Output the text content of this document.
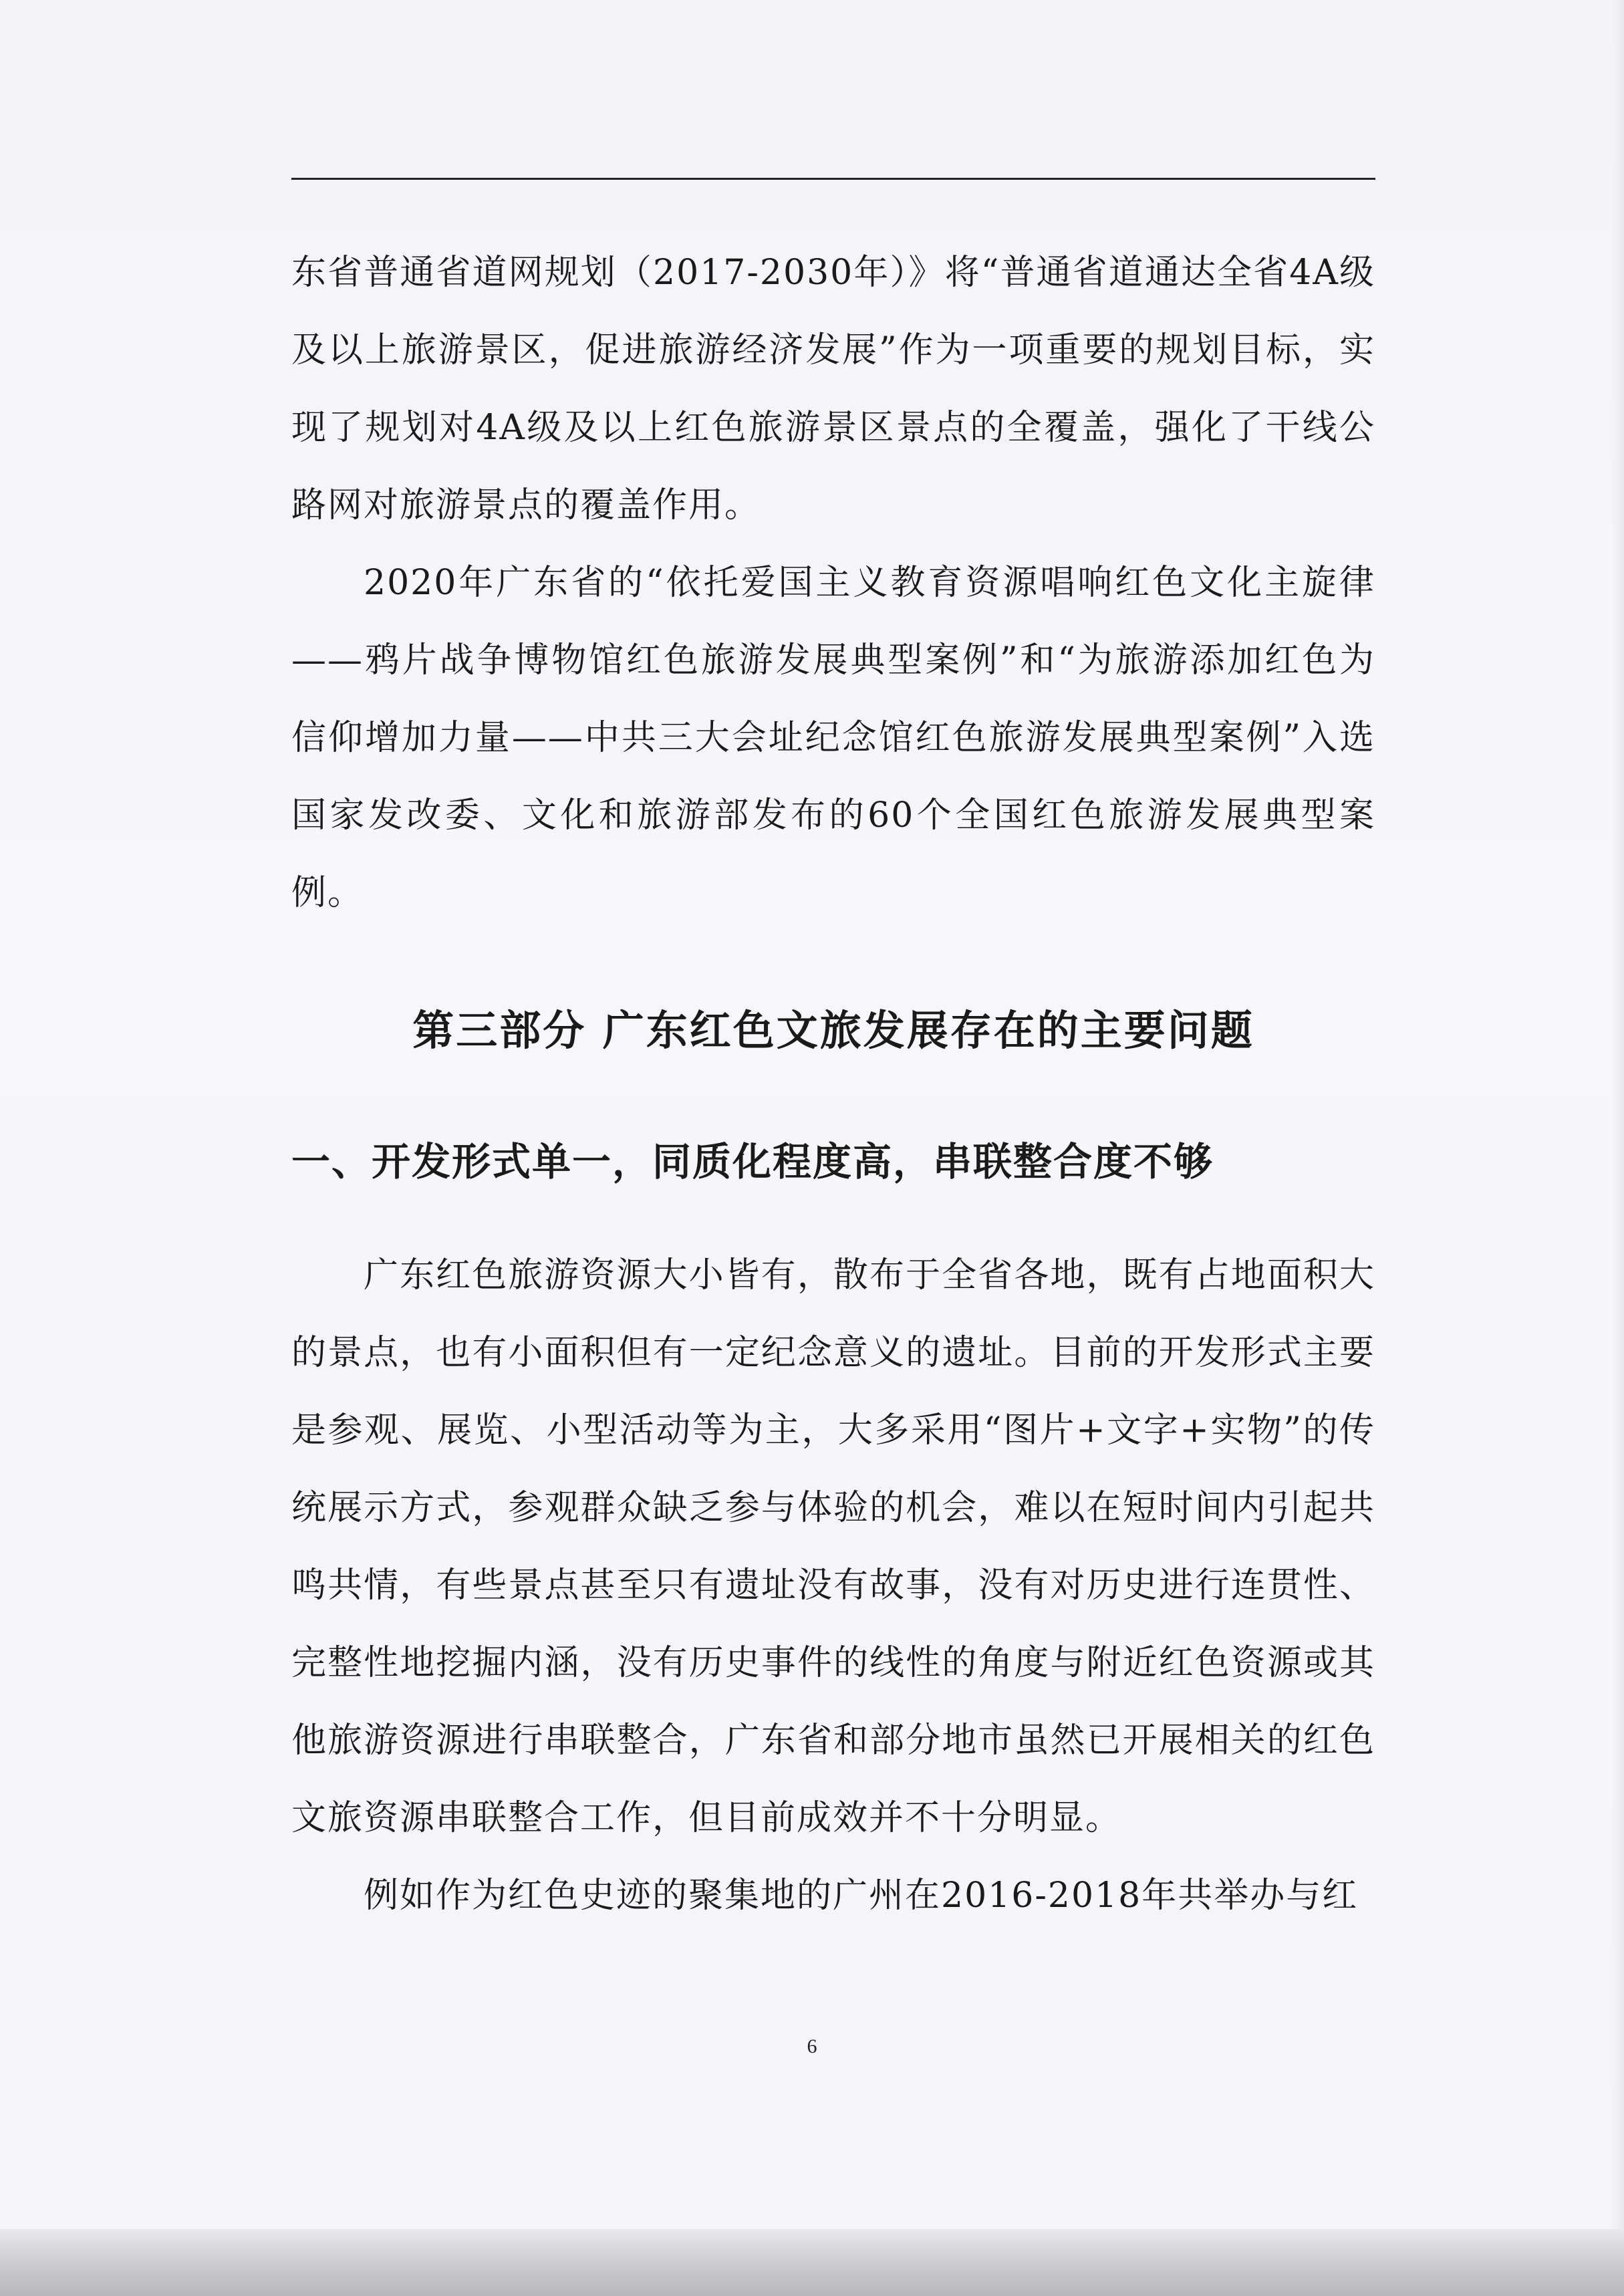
东省普通省道网规划（2017-2030年）》将“普通省道通达全省4A级及以上旅游景区，促进旅游经济发展”作为一项重要的规划目标，实现了规划对4A级及以上红色旅游景区景点的全覆盖，强化了干线公路网对旅游景点的覆盖作用。

2020年广东省的“依托爱国主义教育资源唱响红色文化主旋律——鸦片战争博物馆红色旅游发展典型案例”和“为旅游添加红色为信仰增加力量——中共三大会址纪念馆红色旅游发展典型案例”入选国家发改委、文化和旅游部发布的60个全国红色旅游发展典型案例。

第三部分 广东红色文旅发展存在的主要问题
一、开发形式单一，同质化程度高，串联整合度不够

广东红色旅游资源大小皆有，散布于全省各地，既有占地面积大的景点，也有小面积但有一定纪念意义的遗址。目前的开发形式主要是参观、展览、小型活动等为主，大多采用“图片+文字+实物”的传统展示方式，参观群众缺乏参与体验的机会，难以在短时间内引起共鸣共情，有些景点甚至只有遗址没有故事，没有对历史进行连贯性、完整性地挖掘内涵，没有历史事件的线性的角度与附近红色资源或其他旅游资源进行串联整合，广东省和部分地市虽然已开展相关的红色文旅资源串联整合工作，但目前成效并不十分明显。

例如作为红色史迹的聚集地的广州在2016-2018年共举办与红

6
